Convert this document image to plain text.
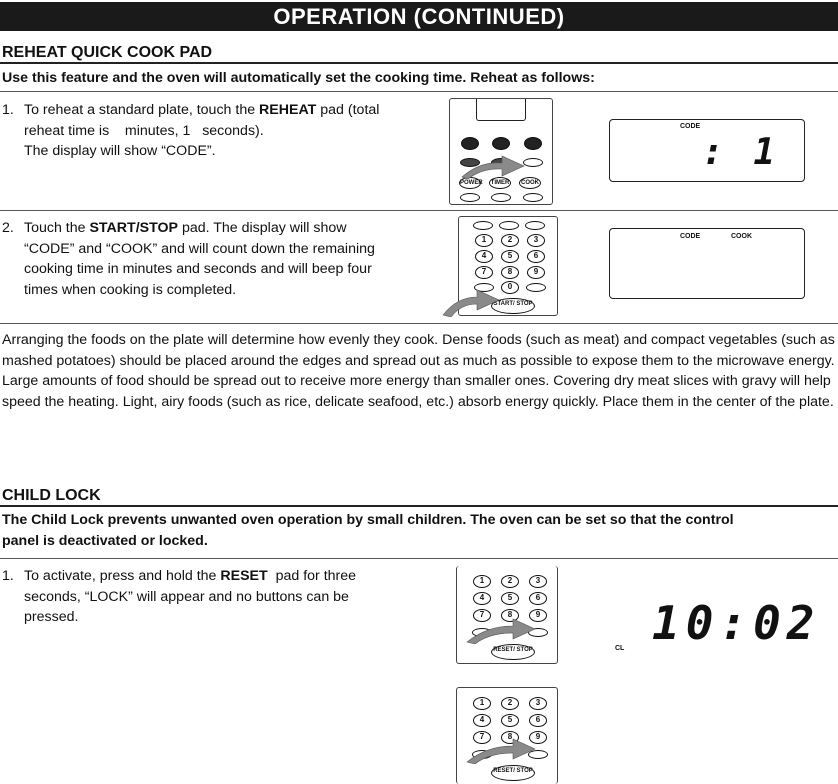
OPERATION (CONTINUED)
REHEAT QUICK COOK PAD
Use this feature and the oven will automatically set the cooking time. Reheat as follows:
1. To reheat a standard plate, touch the REHEAT pad (total
reheat time is    minutes, 1   seconds).
The display will show “CODE”.
POWER TIMER	COOK
CODE
: 1
2. Touch the START/STOP pad. The display will show
“CODE” and “COOK” and will count down the remaining
cooking time in minutes and seconds and will beep four
times when cooking is completed.
1	2	3
4	5	6
7	8	9
0
START/ STOP
CODE	COOK
Arranging the foods on the plate will determine how evenly they cook. Dense foods (such as meat) and compact vegetables (such as mashed potatoes) should be placed around the edges and spread out as much as possible to expose them to the microwave energy. Large amounts of food should be spread out to receive more energy than smaller ones. Covering dry meat slices with gravy will help speed the heating. Light, airy foods (such as rice, delicate seafood, etc.) absorb energy quickly. Place them in the center of the plate.
CHILD LOCK
The Child Lock prevents unwanted oven operation by small children. The oven can be set so that the control
panel is deactivated or locked.
1. To activate, press and hold the RESET  pad for three
seconds, “LOCK” will appear and no buttons can be
pressed.
1	2	3
4	5	6
7	8	9
RESET/ STOP	10:02
CL
1	2	3
4	5	6
7	8	9
RESET/ STOP
